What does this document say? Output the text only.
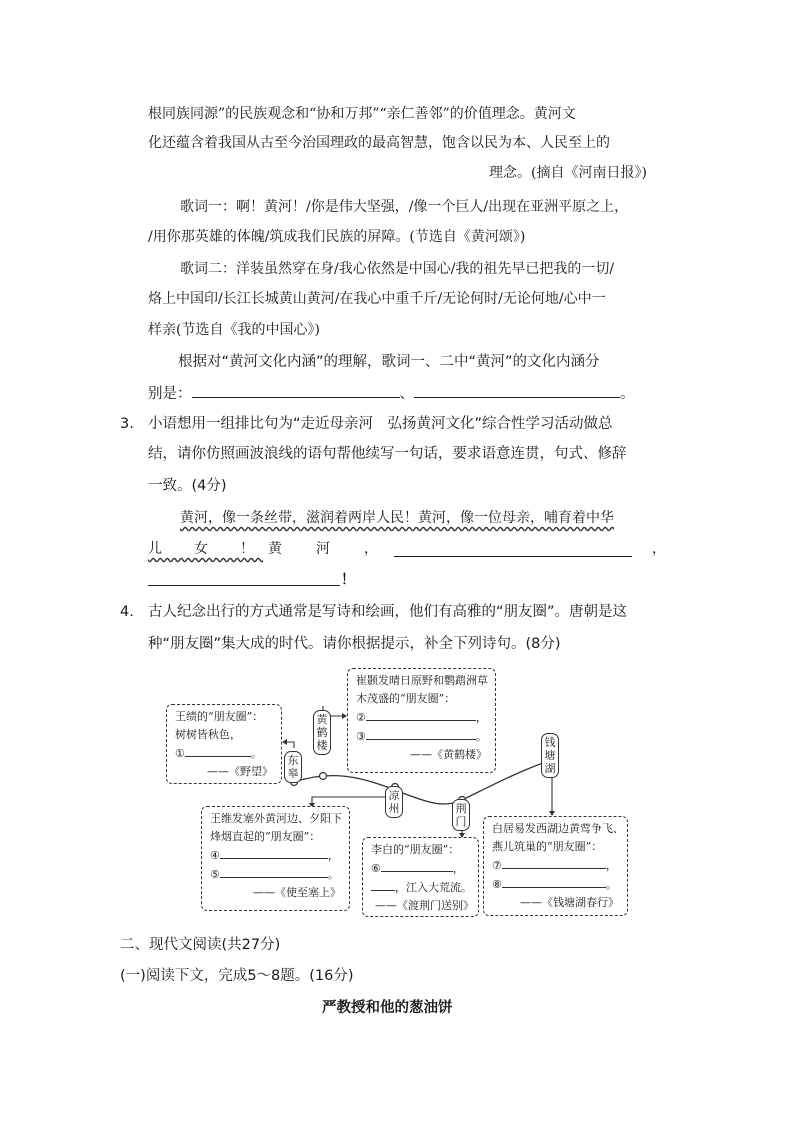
根同族同源”的民族观念和“协和万邦”“亲仁善邻”的价值理念。黄河文
化还蕴含着我国从古至今治国理政的最高智慧，饱含以民为本、人民至上的
理念。(摘自《河南日报》)
歌词一：啊！黄河！/你是伟大坚强，/像一个巨人/出现在亚洲平原之上，
/用你那英雄的体魄/筑成我们民族的屏障。(节选自《黄河颂》)
歌词二：洋装虽然穿在身/我心依然是中国心/我的祖先早已把我的一切/
烙上中国印/长江长城黄山黄河/在我心中重千斤/无论何时/无论何地/心中一
样亲(节选自《我的中国心》)
根据对“黄河文化内涵”的理解，歌词一、二中“黄河”的文化内涵分
别是：	、	。
3. 小语想用一组排比句为“走近母亲河　弘扬黄河文化”综合性学习活动做总
结，请你仿照画波浪线的语句帮他续写一句话，要求语意连贯，句式、修辞
一致。(4分)
黄河，像一条丝带，滋润着两岸人民！黄河，像一位母亲，哺育着中华
儿　女　！ 黄　河　，	，
！
4. 古人纪念出行的方式通常是写诗和绘画，他们有高雅的“朋友圈”。唐朝是这
种“朋友圈”集大成的时代。请你根据提示，补全下列诗句。(8分)
东皋
黄鹤楼
凉州	荆门
钱塘湖
王绩的“朋友圈”：
树树皆秋色，
①	。
——《野望》
崔颢发晴日原野和鹦鹉洲草
木茂盛的“朋友圈”：
②	，
③	。
——《黄鹤楼》
王维发塞外黄河边、夕阳下
烽烟直起的“朋友圈”：
④	，
⑤	。
——《使至塞上》
李白的“朋友圈”：
⑥	，
，江入大荒流。
——《渡荆门送别》
白居易发西湖边黄莺争飞、
燕儿筑巢的“朋友圈”：
⑦	，
⑧	。
——《钱塘湖春行》
二、现代文阅读(共27分)
(一)阅读下文，完成5～8题。(16分)
严教授和他的葱油饼
